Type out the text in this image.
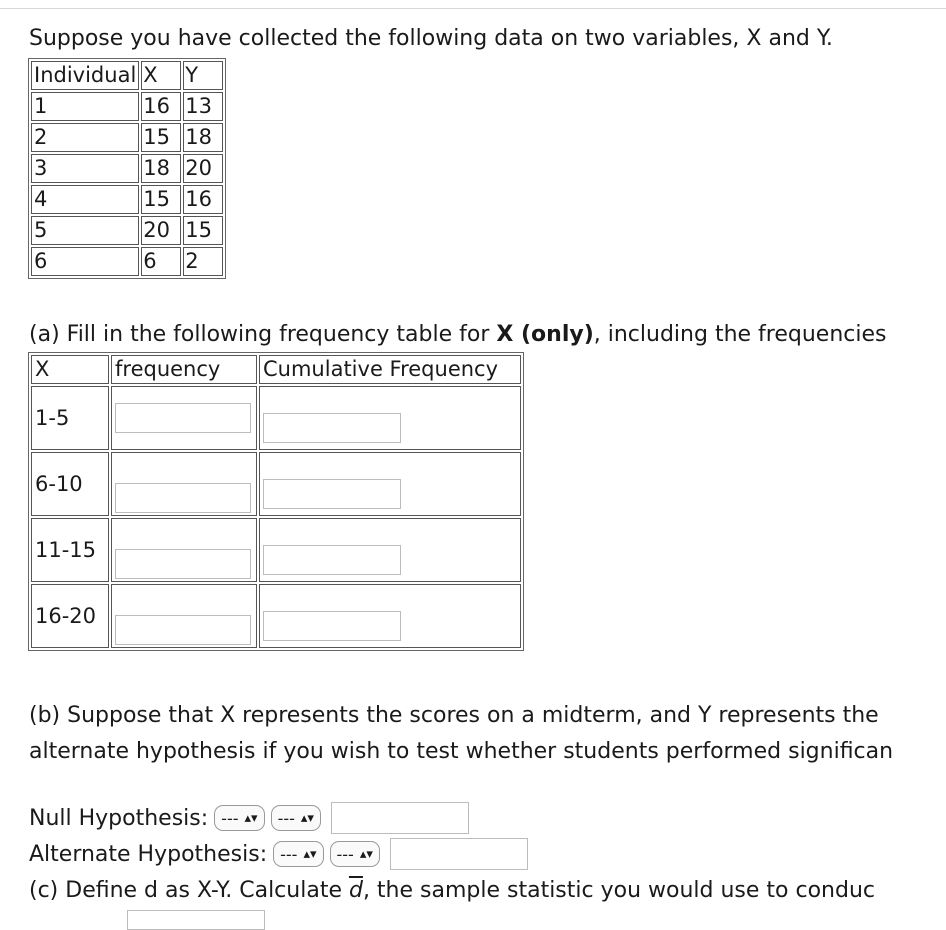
Suppose you have collected the following data on two variables, X and Y.
Individual	X	Y
1	16	13
2	15	18
3	18	20
4	15	16
5	20	15
6	6	2
(a) Fill in the following frequency table for X (only), including the frequencies
X	frequency	Cumulative Frequency
1-5	

6-10	

11-15	

16-20	

(b) Suppose that X represents the scores on a midterm, and Y represents the
alternate hypothesis if you wish to test whether students performed significan
Null Hypothesis: --- ▴▾ --- ▴▾
Alternate Hypothesis: --- ▴▾ --- ▴▾
(c) Define d as X-Y. Calculate $\overline{d}$, the sample statistic you would use to conduc
